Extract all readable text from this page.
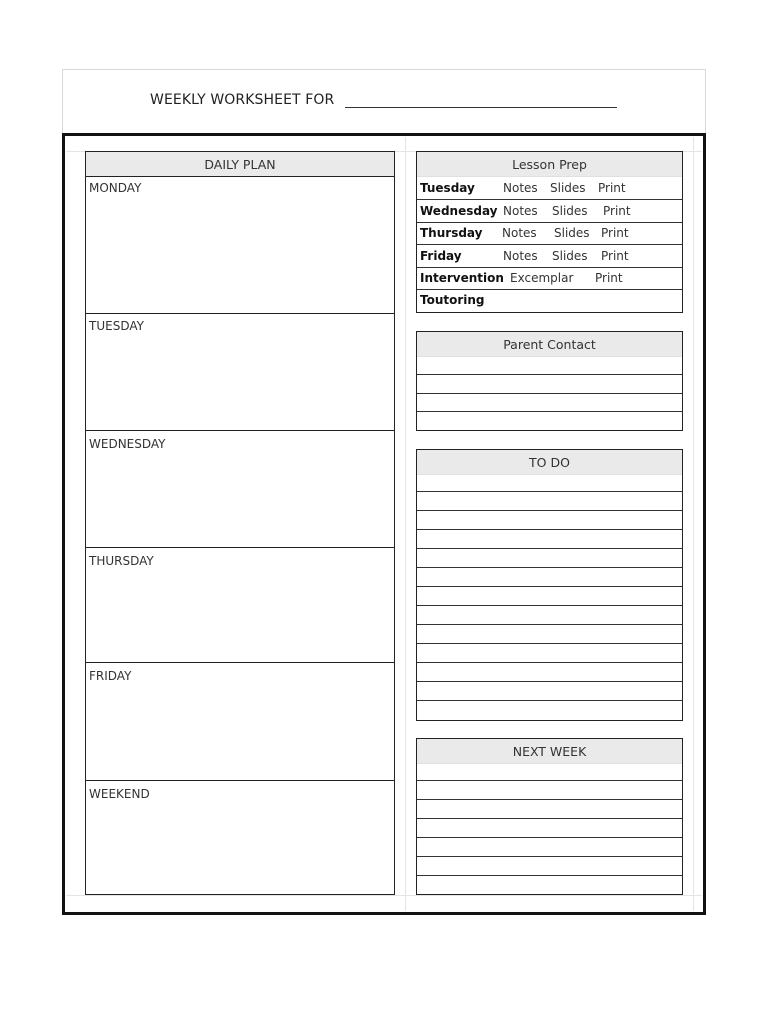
WEEKLY WORKSHEET FOR
DAILY PLAN
MONDAY
TUESDAY
WEDNESDAY
THURSDAY
FRIDAY
WEEKEND
Lesson Prep
Tuesday Notes Slides Print
Wednesday Notes Slides Print
Thursday Notes Slides Print
Friday	Notes Slides Print
Intervention Excemplar Print
Toutoring
Parent Contact
TO DO
NEXT WEEK
